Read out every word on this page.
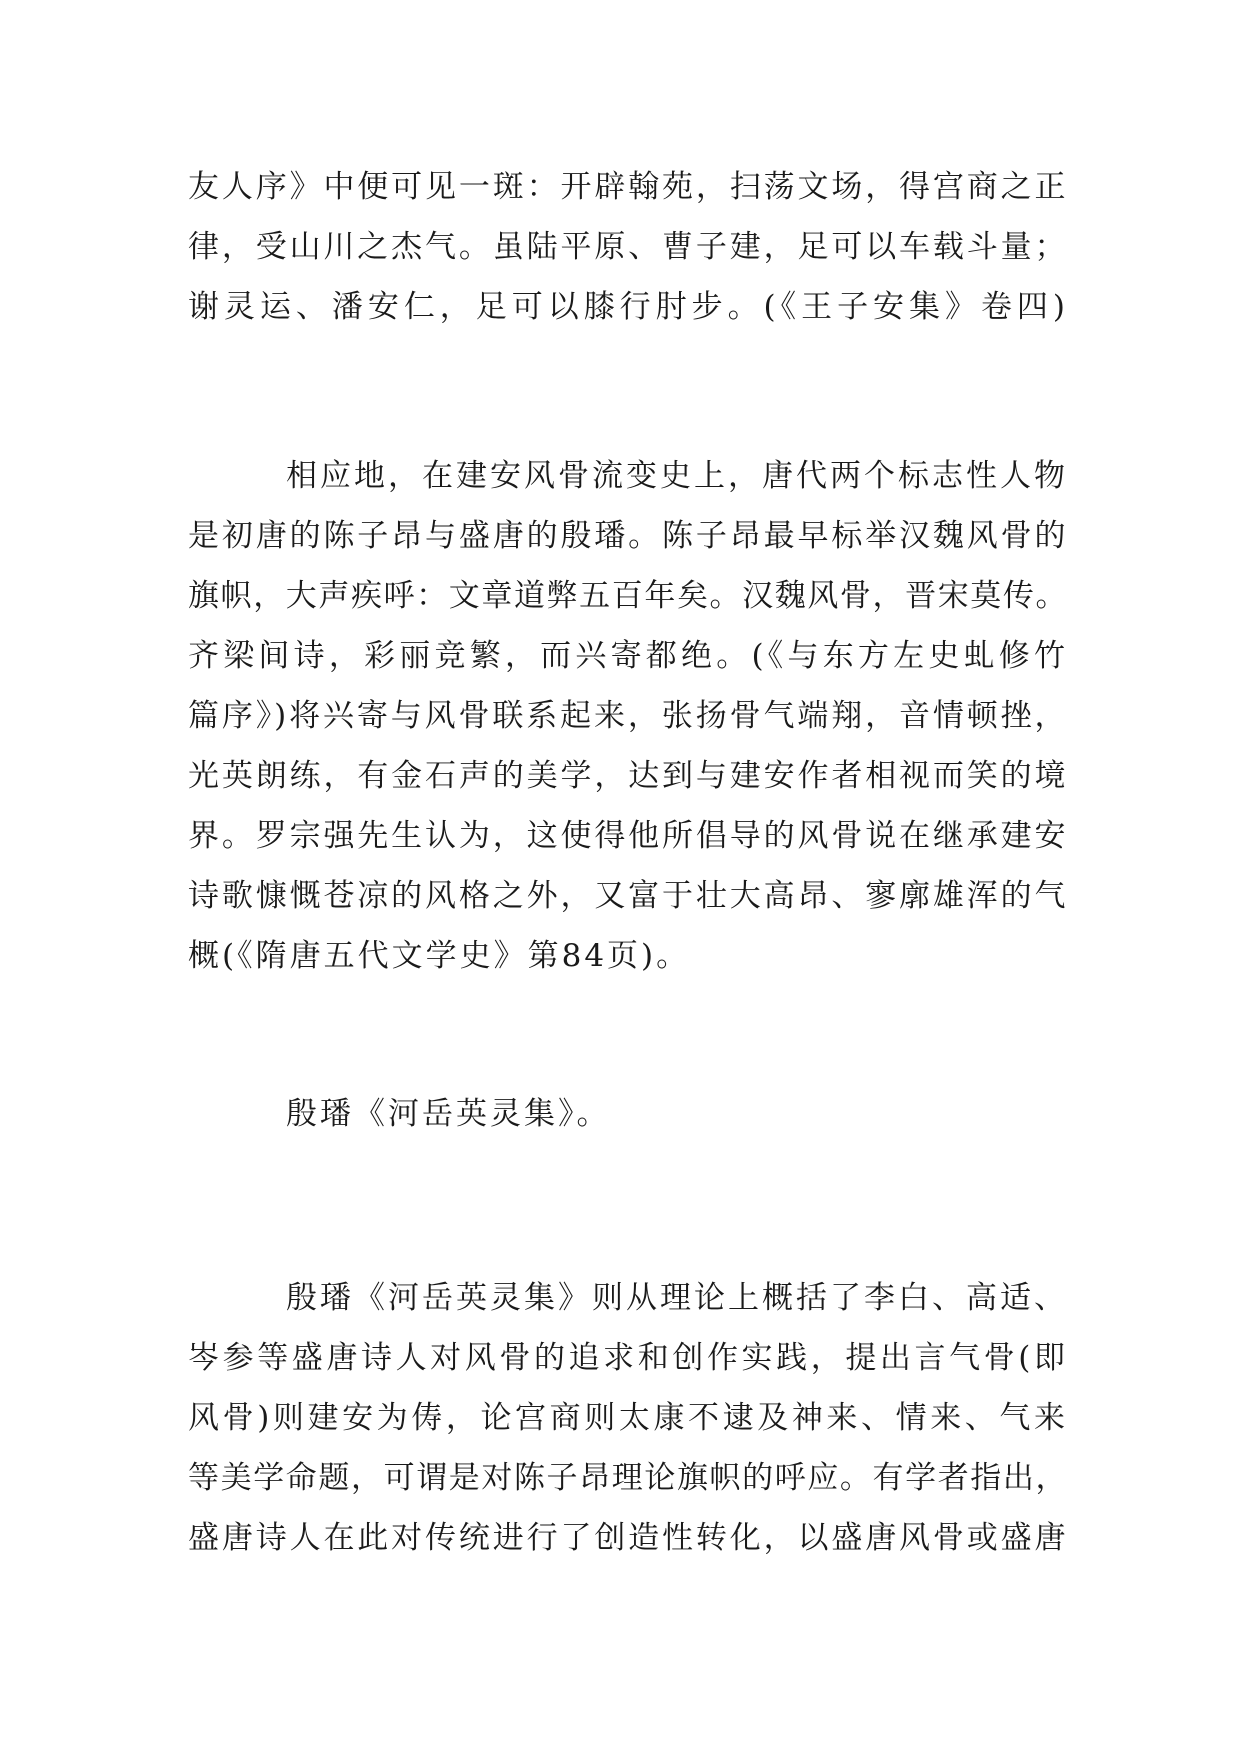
友人序》中便可见一斑：开辟翰苑，扫荡文场，得宫商之正
律，受山川之杰气。虽陆平原、曹子建，足可以车载斗量；
谢灵运、潘安仁，足可以膝行肘步。(《王子安集》卷四)
相应地，在建安风骨流变史上，唐代两个标志性人物
是初唐的陈子昂与盛唐的殷璠。陈子昂最早标举汉魏风骨的
旗帜，大声疾呼：文章道弊五百年矣。汉魏风骨，晋宋莫传。
齐梁间诗，彩丽竞繁，而兴寄都绝。(《与东方左史虬修竹
篇序》)将兴寄与风骨联系起来，张扬骨气端翔，音情顿挫，
光英朗练，有金石声的美学，达到与建安作者相视而笑的境
界。罗宗强先生认为，这使得他所倡导的风骨说在继承建安
诗歌慷慨苍凉的风格之外，又富于壮大高昂、寥廓雄浑的气
概(《隋唐五代文学史》第84页)。
殷璠《河岳英灵集》。
殷璠《河岳英灵集》则从理论上概括了李白、高适、
岑参等盛唐诗人对风骨的追求和创作实践，提出言气骨(即
风骨)则建安为俦，论宫商则太康不逮及神来、情来、气来
等美学命题，可谓是对陈子昂理论旗帜的呼应。有学者指出，
盛唐诗人在此对传统进行了创造性转化，以盛唐风骨或盛唐
